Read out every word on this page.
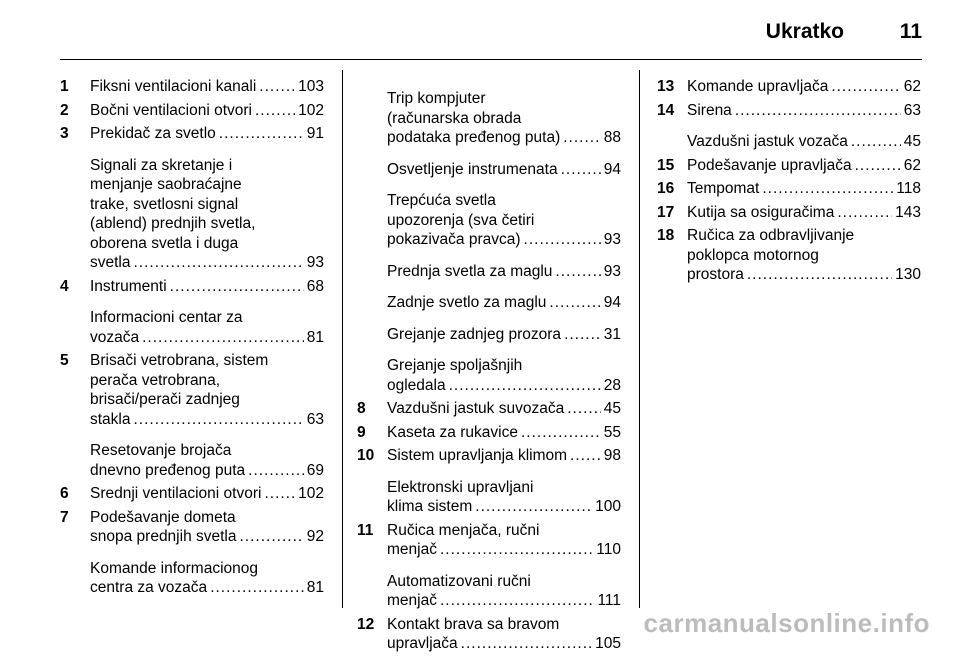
Ukratko	11
1 Fiksni ventilacioni kanali .....	103
2 Bočni ventilacioni otvori .....	102
3 Prekidač za svetlo .....	91
Signali za skretanje i
menjanje saobraćajne
trake, svetlosni signal
(ablend) prednjih svetla,
oborena svetla i duga
svetla .....	93
4 Instrumenti .....	68
Informacioni centar za
vozača .....	81
5 Brisači vetrobrana, sistem
perača vetrobrana,
brisači/perači zadnjeg
stakla .....	63
Resetovanje brojača
dnevno pređenog puta .....	69
6 Srednji ventilacioni otvori ..... 102
7 Podešavanje dometa
snopa prednjih svetla .....	92
Komande informacionog
centra za vozača .....	81
Trip kompjuter
(računarska obrada
podataka pređenog puta) .....	88
Osvetljenje instrumenata .....	94
Trepćuća svetla
upozorenja (sva četiri
pokazivača pravca) .....	93
Prednja svetla za maglu .....	93
Zadnje svetlo za maglu .....	94
Grejanje zadnjeg prozora .....	31
Grejanje spoljašnjih
ogledala .....	28
8 Vazdušni jastuk suvozača .....	45
9 Kaseta za rukavice .....	55
10 Sistem upravljanja klimom ..... 98
Elektronski upravljani
klima sistem .....	100
11 Ručica menjača, ručni
menjač .....	110
Automatizovani ručni
menjač .....	111
12 Kontakt brava sa bravom
upravljača .....	105
13 Komande upravljača .....	62
14 Sirena .....	63
Vazdušni jastuk vozača .....	45
15 Podešavanje upravljača .....	62
16 Tempomat .....	118
17 Kutija sa osiguračima .....	143
18 Ručica za odbravljivanje
poklopca motornog
prostora .....	130
carmanualsonline.info
